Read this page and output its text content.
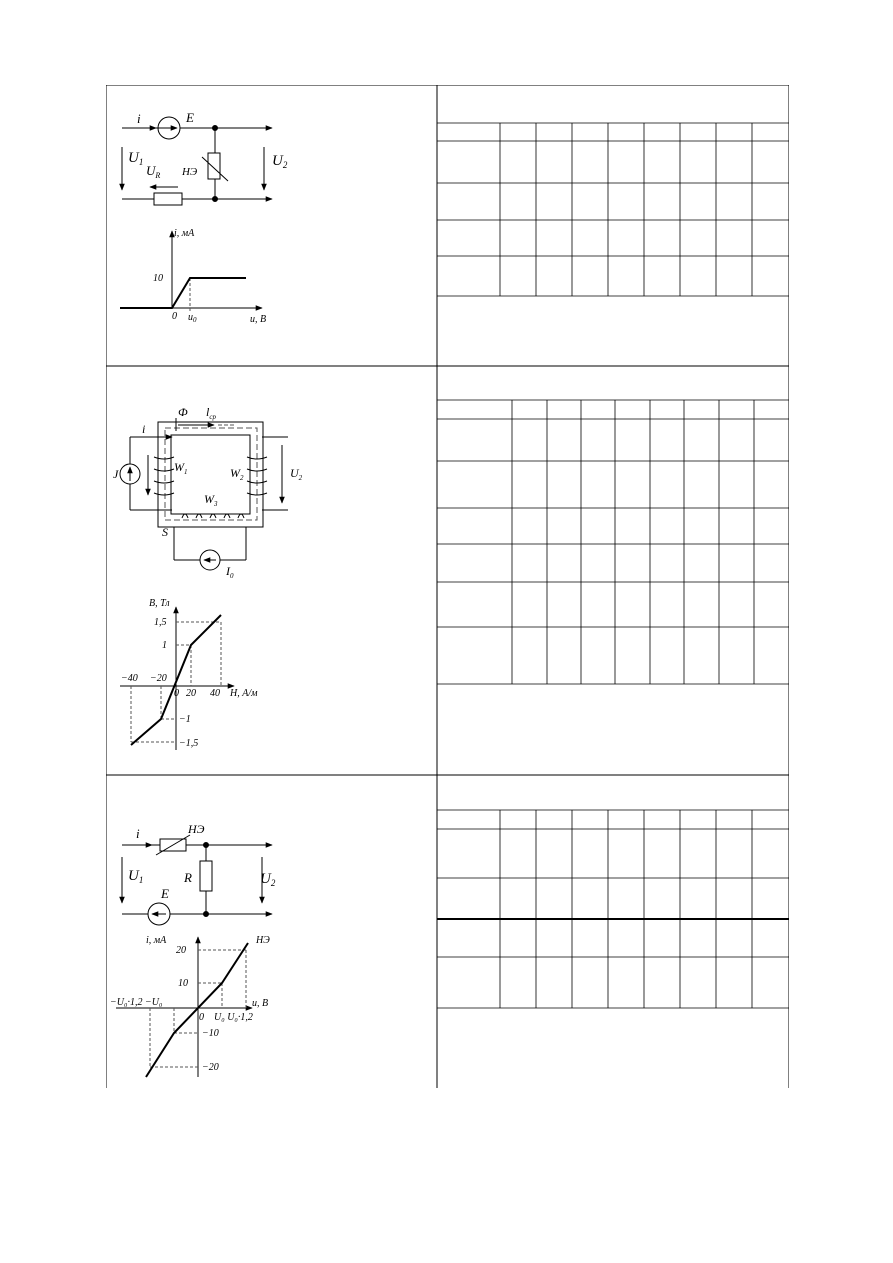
i	E
НЭ
$U_1$	$U_2$
$U_R$
i, мА
10
0 $u_0$	u, B
i
Ф $l_{ср}$
J	$W_1$	$W_2$
$W_3$
S
$I_0$
$U_2$
B, Тл
1,5
1
−1
−1,5
−40 −20
0 20 40 H, А/м
i	НЭ
R
E
$U_1$	$U_2$
i, мА	НЭ
20
10
−10
−20
−U₀·1,2 −U₀
0 U₀ U₀·1,2
u, B
